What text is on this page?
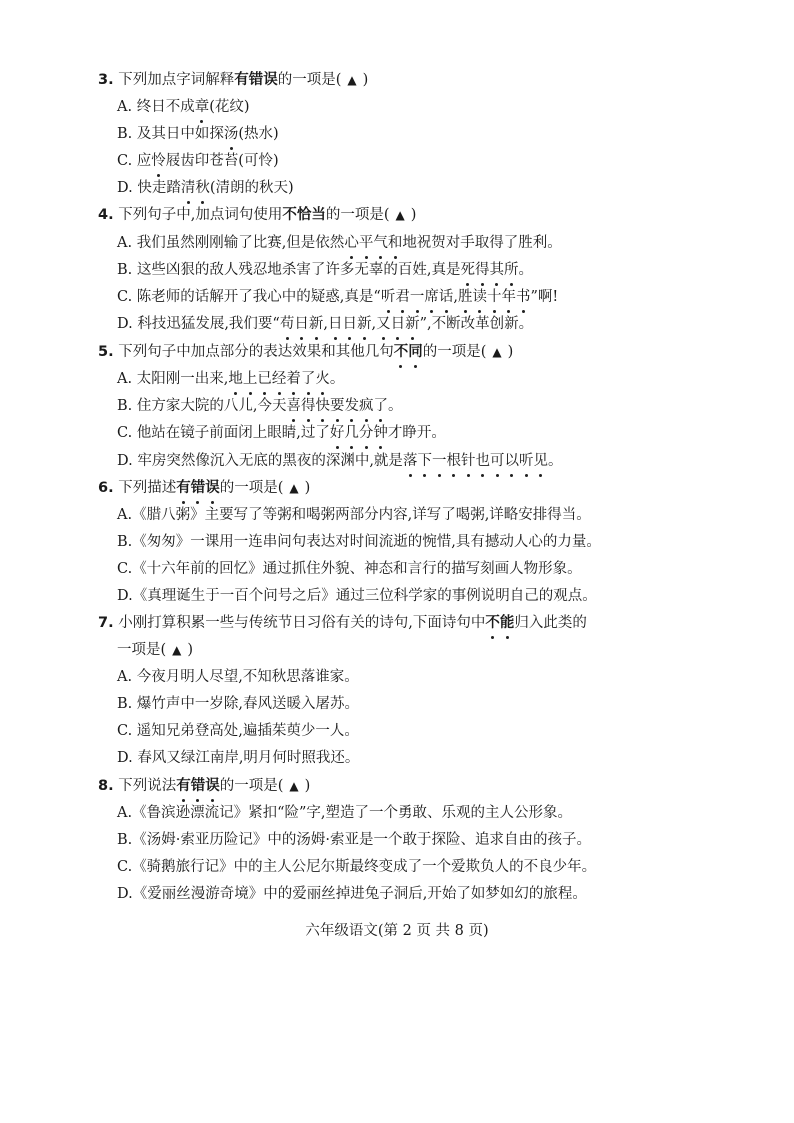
3. 下列加点字词解释有错误的一项是( ▲ )
A. 终日不成章(花纹)
B. 及其日中如探汤(热水)
C. 应怜屐齿印苍苔(可怜)
D. 快走踏清秋(清朗的秋天)
4. 下列句子中,加点词句使用不恰当的一项是( ▲ )
A. 我们虽然刚刚输了比赛,但是依然心平气和地祝贺对手取得了胜利。
B. 这些凶狠的敌人残忍地杀害了许多无辜的百姓,真是死得其所。
C. 陈老师的话解开了我心中的疑惑,真是“听君一席话,胜读十年书”啊!
D. 科技迅猛发展,我们要“苟日新,日日新,又日新”,不断改革创新。
5. 下列句子中加点部分的表达效果和其他几句不同的一项是( ▲ )
A. 太阳刚一出来,地上已经着了火。
B. 住方家大院的八儿,今天喜得快要发疯了。
C. 他站在镜子前面闭上眼睛,过了好几分钟才睁开。
D. 牢房突然像沉入无底的黑夜的深渊中,就是落下一根针也可以听见。
6. 下列描述有错误的一项是( ▲ )
A.《腊八粥》主要写了等粥和喝粥两部分内容,详写了喝粥,详略安排得当。
B.《匆匆》一课用一连串问句表达对时间流逝的惋惜,具有撼动人心的力量。
C.《十六年前的回忆》通过抓住外貌、神态和言行的描写刻画人物形象。
D.《真理诞生于一百个问号之后》通过三位科学家的事例说明自己的观点。
7. 小刚打算积累一些与传统节日习俗有关的诗句,下面诗句中不能归入此类的
一项是( ▲ )
A. 今夜月明人尽望,不知秋思落谁家。
B. 爆竹声中一岁除,春风送暖入屠苏。
C. 遥知兄弟登高处,遍插茱萸少一人。
D. 春风又绿江南岸,明月何时照我还。
8. 下列说法有错误的一项是( ▲ )
A.《鲁滨逊漂流记》紧扣“险”字,塑造了一个勇敢、乐观的主人公形象。
B.《汤姆·索亚历险记》中的汤姆·索亚是一个敢于探险、追求自由的孩子。
C.《骑鹅旅行记》中的主人公尼尔斯最终变成了一个爱欺负人的不良少年。
D.《爱丽丝漫游奇境》中的爱丽丝掉进兔子洞后,开始了如梦如幻的旅程。
六年级语文(第 2 页 共 8 页)
